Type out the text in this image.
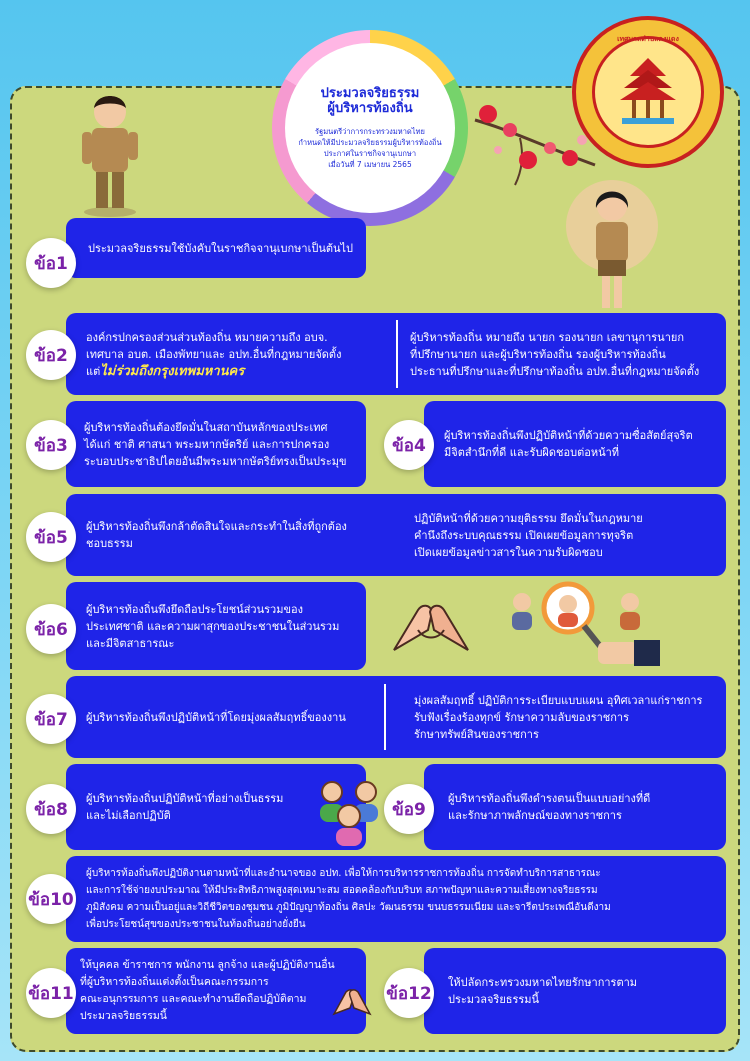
ประมวลจริยธรรม
ผู้บริหารท้องถิ่น
รัฐมนตรีว่าการกระทรวงมหาดไทย
กำหนดให้มีประมวลจริยธรรมผู้บริหารท้องถิ่น
ประกาศในราชกิจจานุเบกษา
เมื่อวันที่ 7 เมษายน 2565
เทศบาลตำบลดงแดง
ประมวลจริยธรรมใช้บังคับในราชกิจจานุเบกษาเป็นต้นไป
ข้อ1
องค์กรปกครองส่วนส่วนท้องถิ่น หมายความถึง อบจ.
เทศบาล อบต. เมืองพัทยาและ อปท.อื่นที่กฎหมายจัดตั้ง
แต่ไม่ร่วมถึงกรุงเทพมหานคร
ผู้บริหารท้องถิ่น หมายถึง นายก รองนายก เลขานุการนายก
ที่ปรึกษานายก และผู้บริหารท้องถิ่น รองผู้บริหารท้องถิ่น
ประธานที่ปรึกษาและที่ปรึกษาท้องถิ่น อปท.อื่นที่กฎหมายจัดตั้ง
ข้อ2
ผู้บริหารท้องถิ่นต้องยึดมั่นในสถาบันหลักของประเทศ
ได้แก่ ชาติ ศาสนา พระมหากษัตริย์ และการปกครอง
ระบอบประชาธิปไตยอันมีพระมหากษัตริย์ทรงเป็นประมุข
ข้อ3	ผู้บริหารท้องถิ่นพึงปฏิบัติหน้าที่ด้วยความซื่อสัตย์สุจริต
มีจิตสำนึกที่ดี และรับผิดชอบต่อหน้าที่
ข้อ4
ผู้บริหารท้องถิ่นพึงกล้าตัดสินใจและกระทำในสิ่งที่ถูกต้อง
ชอบธรรม
ปฏิบัติหน้าที่ด้วยความยุติธรรม ยึดมั่นในกฎหมาย
คำนึงถึงระบบคุณธรรม เปิดเผยข้อมูลการทุจริต
เปิดเผยข้อมูลข่าวสารในความรับผิดชอบ
ข้อ5
ผู้บริหารท้องถิ่นพึงยึดถือประโยชน์ส่วนรวมของ
ประเทศชาติ และความผาสุกของประชาชนในส่วนรวม
และมีจิตสาธารณะ
ข้อ6
ผู้บริหารท้องถิ่นพึงปฏิบัติหน้าที่โดยมุ่งผลสัมฤทธิ์ของงาน
มุ่งผลสัมฤทธิ์ ปฏิบัติการระเบียบแบบแผน อุทิศเวลาแก่ราชการ
รับฟังเรื่องร้องทุกข์ รักษาความลับของราชการ
รักษาทรัพย์สินของราชการ
ข้อ7
ผู้บริหารท้องถิ่นปฏิบัติหน้าที่อย่างเป็นธรรม
และไม่เลือกปฏิบัติ
ข้อ8
ผู้บริหารท้องถิ่นพึงดำรงตนเป็นแบบอย่างที่ดี
และรักษาภาพลักษณ์ของทางราชการ
ข้อ9
ผู้บริหารท้องถิ่นพึงปฏิบัติงานตามหน้าที่และอำนาจของ อปท. เพื่อให้การบริหารราชการท้องถิ่น การจัดทำบริการสาธารณะ
และการใช้จ่ายงบประมาณ ให้มีประสิทธิภาพสูงสุดเหมาะสม สอดคล้องกับบริบท สภาพปัญหาและความเสี่ยงทางจริยธรรม
ภูมิสังคม ความเป็นอยู่และวิถีชีวิตของชุมชน ภูมิปัญญาท้องถิ่น ศิลปะ วัฒนธรรม ขนบธรรมเนียม และจารีตประเพณีอันดีงาม
เพื่อประโยชน์สุขของประชาชนในท้องถิ่นอย่างยั่งยืน
ข้อ10
ให้บุคคล ข้าราชการ พนักงาน ลูกจ้าง และผู้ปฏิบัติงานอื่น
ที่ผู้บริหารท้องถิ่นแต่งตั้งเป็นคณะกรรมการ
คณะอนุกรรมการ และคณะทำงานยึดถือปฏิบัติตาม
ประมวลจริยธรรมนี้
ข้อ11
ให้ปลัดกระทรวงมหาดไทยรักษาการตาม
ประมวลจริยธรรมนี้
ข้อ12
